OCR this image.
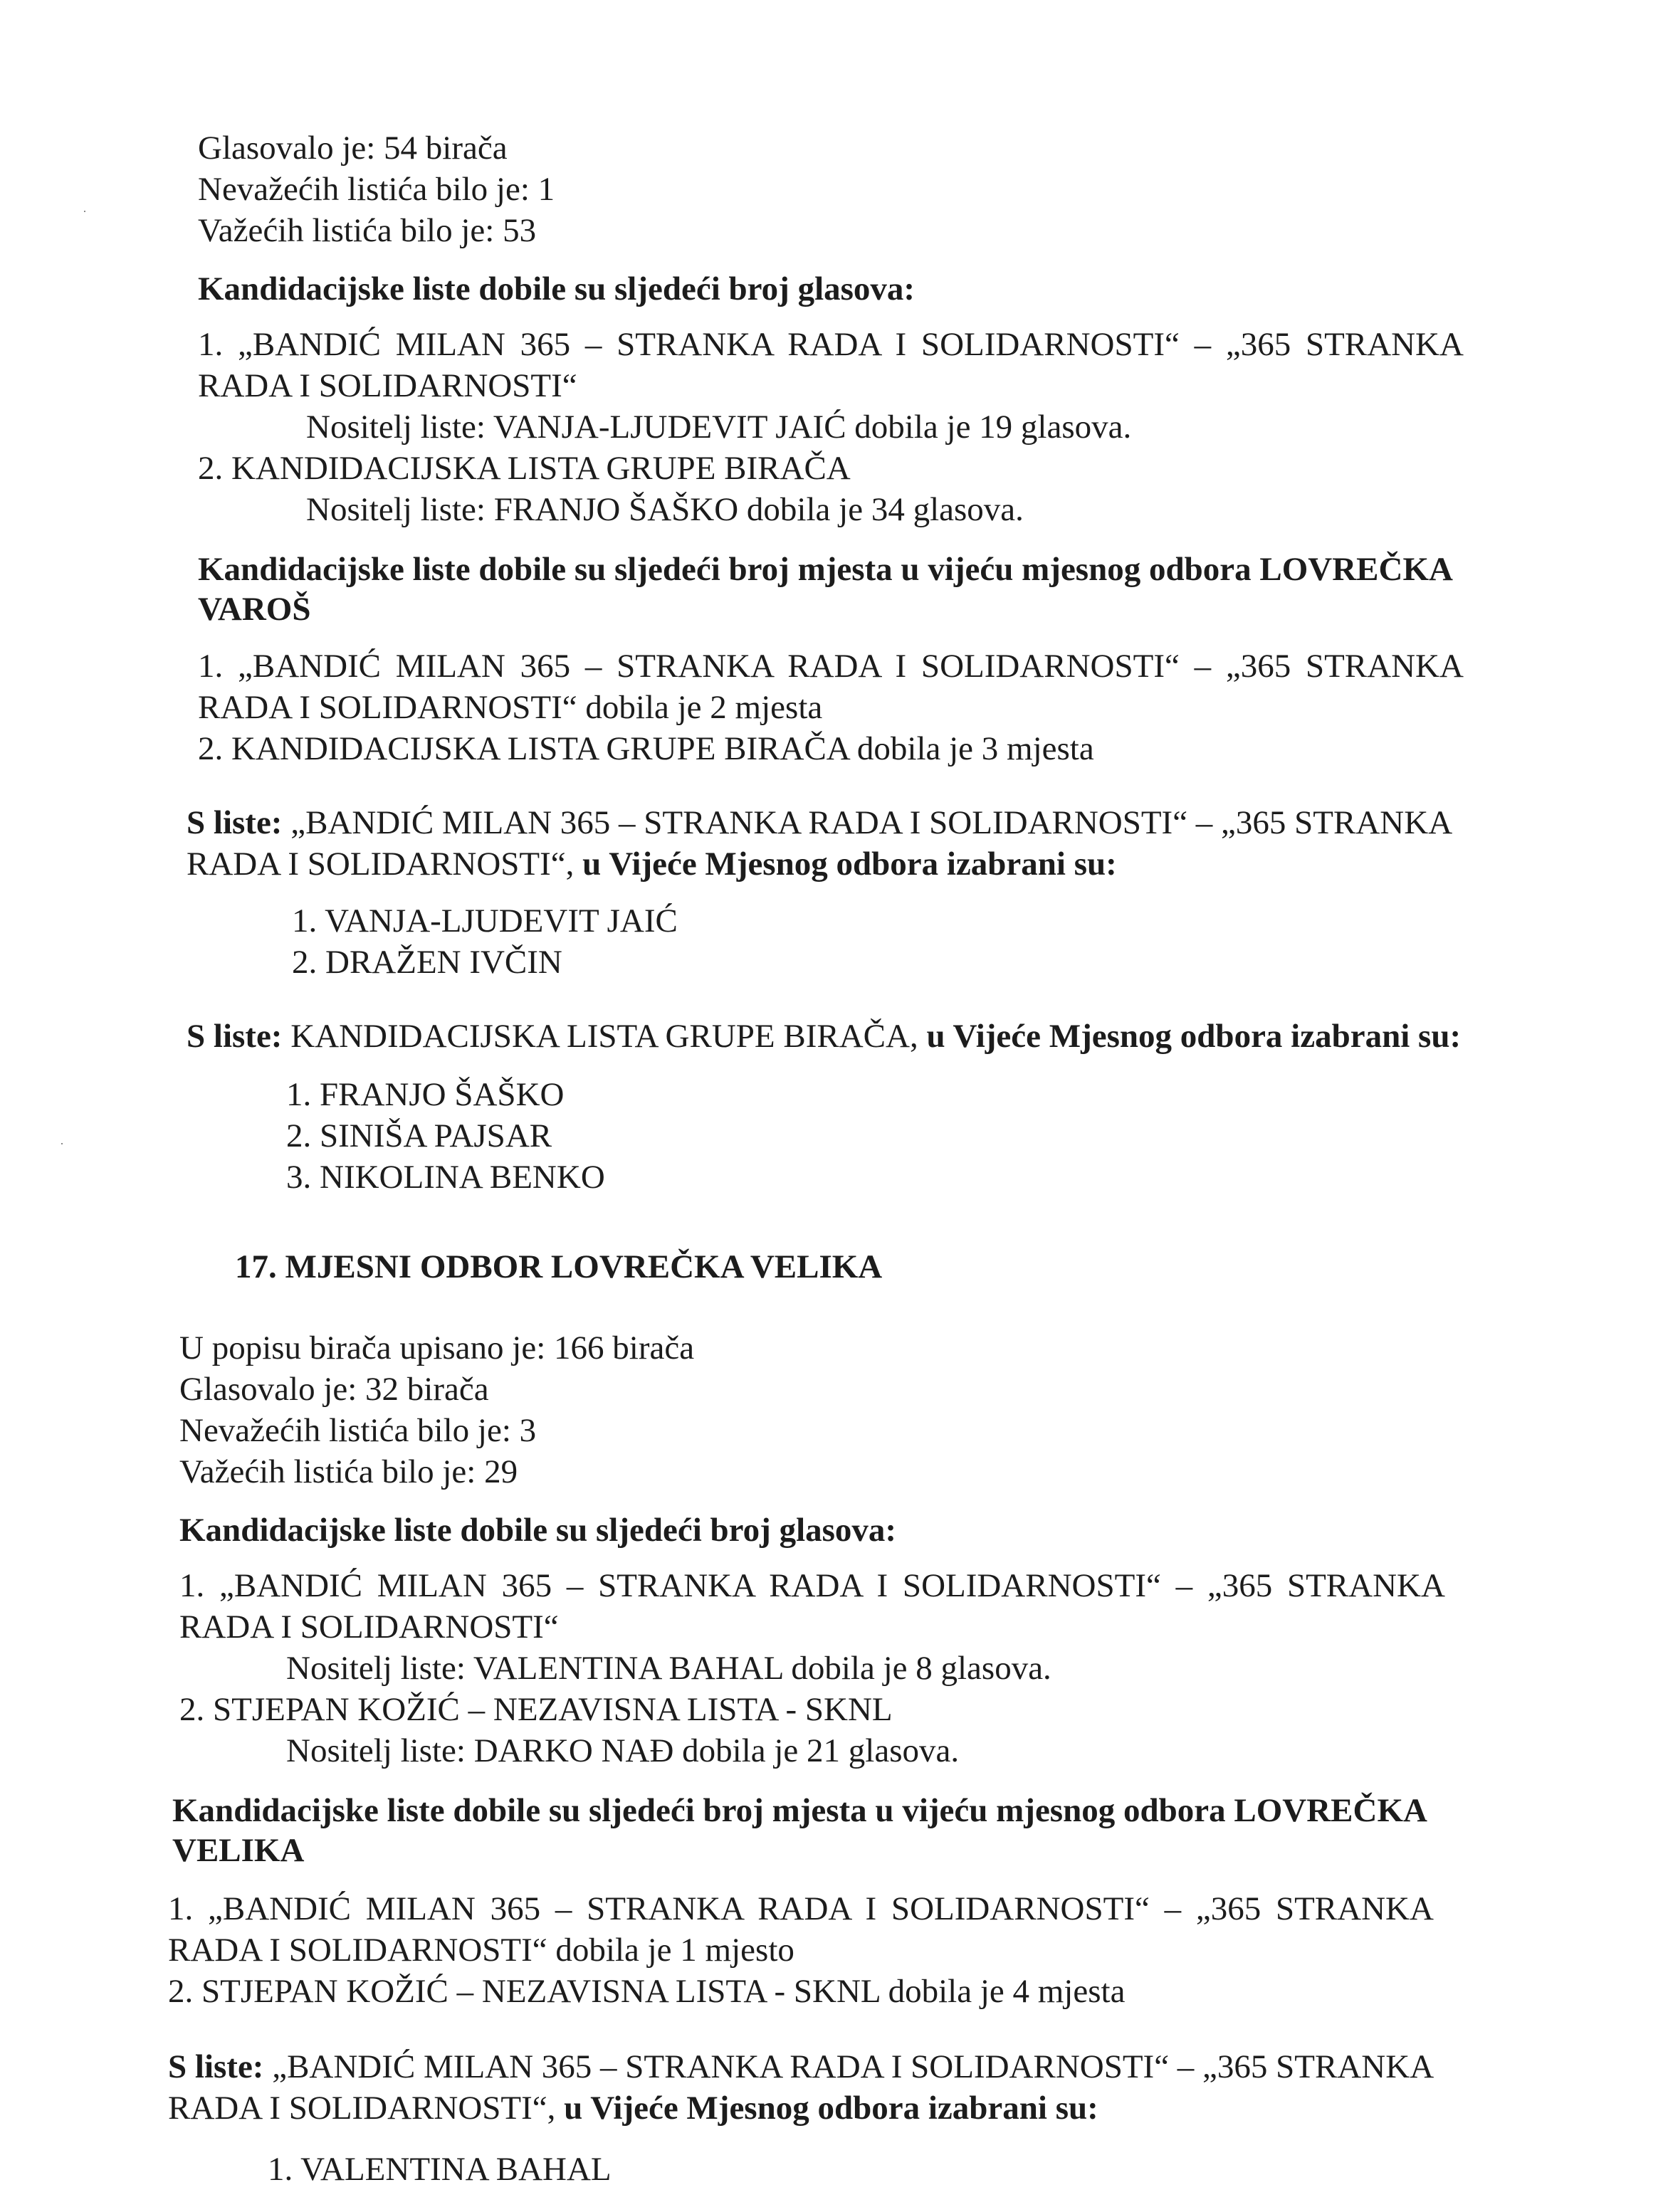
Glasovalo je: 54 birača

Nevažećih listića bilo je: 1

Važećih listića bilo je: 53

Kandidacijske liste dobile su sljedeći broj glasova:

1. „BANDIĆ MILAN 365 – STRANKA RADA I SOLIDARNOSTI“ – „365 STRANKA

RADA I SOLIDARNOSTI“

Nositelj liste: VANJA-LJUDEVIT JAIĆ dobila je 19 glasova.

2. KANDIDACIJSKA LISTA GRUPE BIRAČA

Nositelj liste: FRANJO ŠAŠKO dobila je 34 glasova.

Kandidacijske liste dobile su sljedeći broj mjesta u vijeću mjesnog odbora LOVREČKA

VAROŠ

1. „BANDIĆ MILAN 365 – STRANKA RADA I SOLIDARNOSTI“ – „365 STRANKA

RADA I SOLIDARNOSTI“ dobila je 2 mjesta

2. KANDIDACIJSKA LISTA GRUPE BIRAČA dobila je 3 mjesta

S liste: „BANDIĆ MILAN 365 – STRANKA RADA I SOLIDARNOSTI“ – „365 STRANKA

RADA I SOLIDARNOSTI“, u Vijeće Mjesnog odbora izabrani su:

1. VANJA-LJUDEVIT JAIĆ

2. DRAŽEN IVČIN

S liste: KANDIDACIJSKA LISTA GRUPE BIRAČA, u Vijeće Mjesnog odbora izabrani su:

1. FRANJO ŠAŠKO

2. SINIŠA PAJSAR

3. NIKOLINA BENKO

17. MJESNI ODBOR LOVREČKA VELIKA

U popisu birača upisano je: 166 birača

Glasovalo je: 32 birača

Nevažećih listića bilo je: 3

Važećih listića bilo je: 29

Kandidacijske liste dobile su sljedeći broj glasova:

1. „BANDIĆ MILAN 365 – STRANKA RADA I SOLIDARNOSTI“ – „365 STRANKA

RADA I SOLIDARNOSTI“

Nositelj liste: VALENTINA BAHAL dobila je 8 glasova.

2. STJEPAN KOŽIĆ – NEZAVISNA LISTA - SKNL

Nositelj liste: DARKO NAĐ dobila je 21 glasova.

Kandidacijske liste dobile su sljedeći broj mjesta u vijeću mjesnog odbora LOVREČKA

VELIKA

1. „BANDIĆ MILAN 365 – STRANKA RADA I SOLIDARNOSTI“ – „365 STRANKA

RADA I SOLIDARNOSTI“ dobila je 1 mjesto

2. STJEPAN KOŽIĆ – NEZAVISNA LISTA - SKNL dobila je 4 mjesta

S liste: „BANDIĆ MILAN 365 – STRANKA RADA I SOLIDARNOSTI“ – „365 STRANKA

RADA I SOLIDARNOSTI“, u Vijeće Mjesnog odbora izabrani su:

1. VALENTINA BAHAL
